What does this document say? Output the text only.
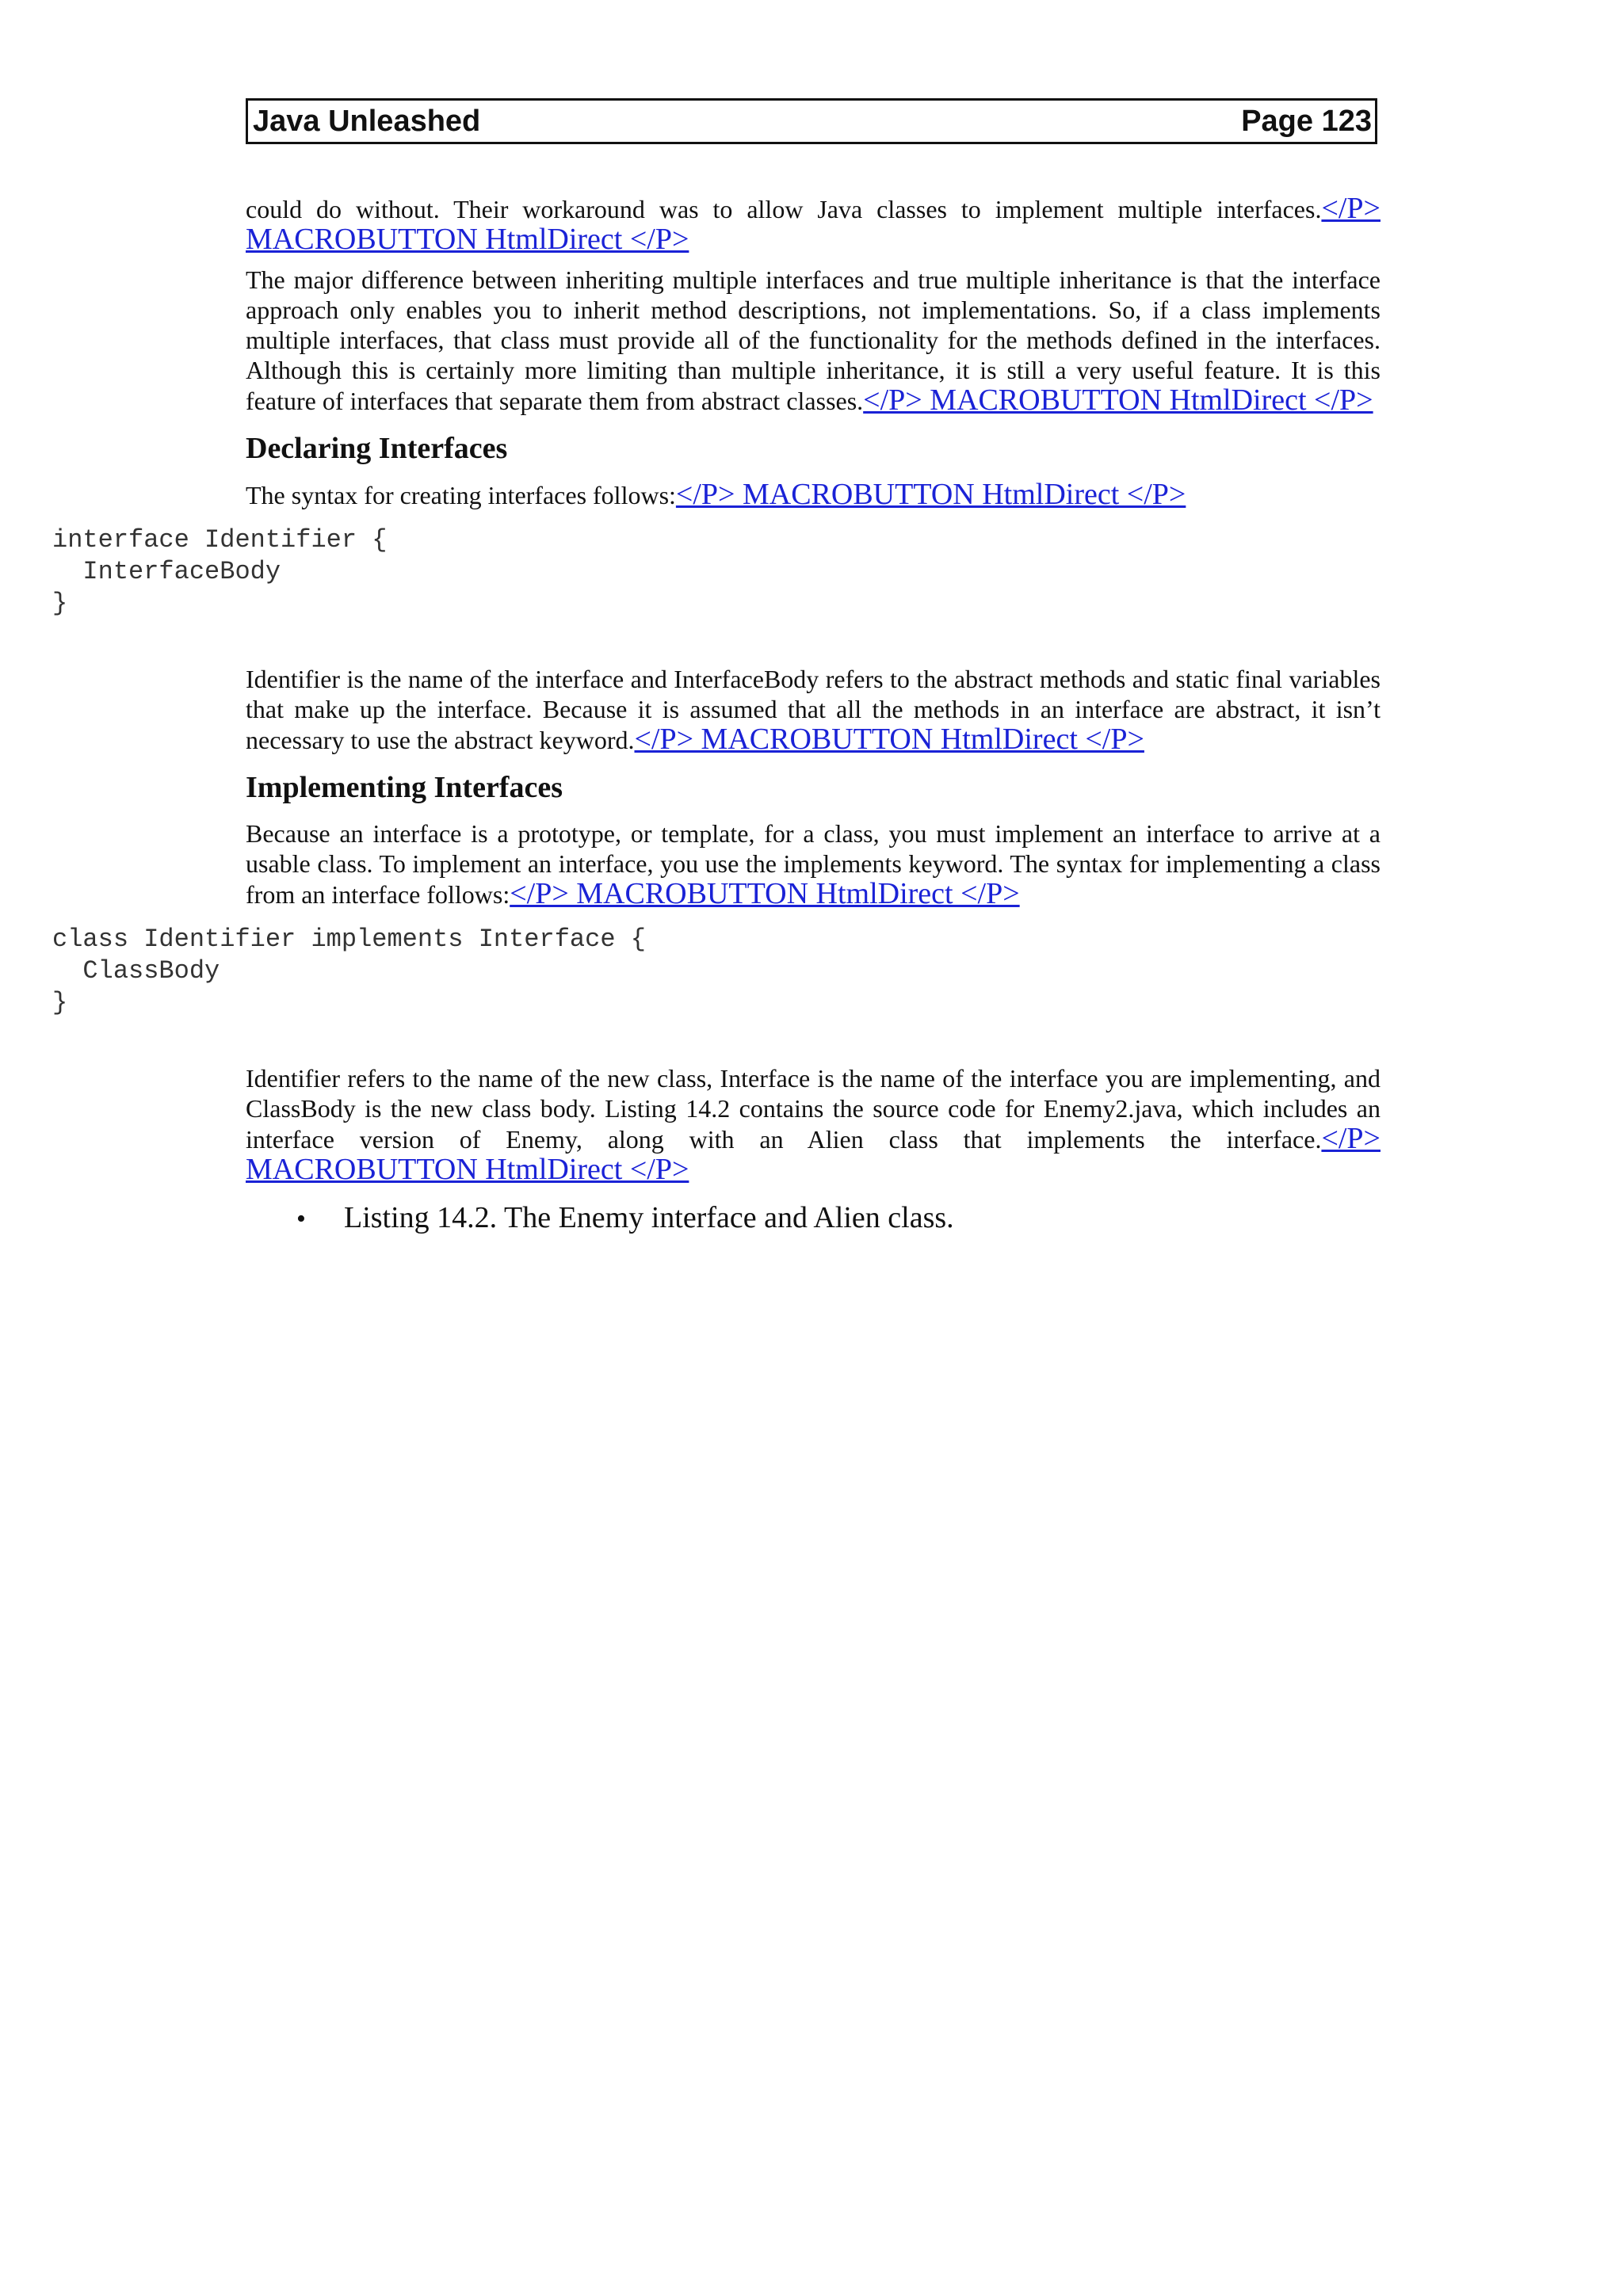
Java Unleashed	Page 123

could do without. Their workaround was to allow Java classes to implement multiple interfaces.</P> MACROBUTTON HtmlDirect </P>

The major difference between inheriting multiple interfaces and true multiple inheritance is that the interface approach only enables you to inherit method descriptions, not implementations. So, if a class implements multiple interfaces, that class must provide all of the functionality for the methods defined in the interfaces. Although this is certainly more limiting than multiple inheritance, it is still a very useful feature. It is this feature of interfaces that separate them from abstract classes.</P> MACROBUTTON HtmlDirect </P>

Declaring Interfaces

The syntax for creating interfaces follows:</P> MACROBUTTON HtmlDirect </P>

interface Identifier {
InterfaceBody
}

Identifier is the name of the interface and InterfaceBody refers to the abstract methods and static final variables that make up the interface. Because it is assumed that all the methods in an interface are abstract, it isn’t necessary to use the abstract keyword.</P> MACROBUTTON HtmlDirect </P>

Implementing Interfaces

Because an interface is a prototype, or template, for a class, you must implement an interface to arrive at a usable class. To implement an interface, you use the implements keyword. The syntax for implementing a class from an interface follows:</P> MACROBUTTON HtmlDirect </P>

class Identifier implements Interface {
ClassBody
}

Identifier refers to the name of the new class, Interface is the name of the interface you are implementing, and ClassBody is the new class body. Listing 14.2 contains the source code for Enemy2.java, which includes an interface version of Enemy, along with an Alien class that implements the interface.</P> MACROBUTTON HtmlDirect </P>

•	Listing 14.2. The Enemy interface and Alien class.
